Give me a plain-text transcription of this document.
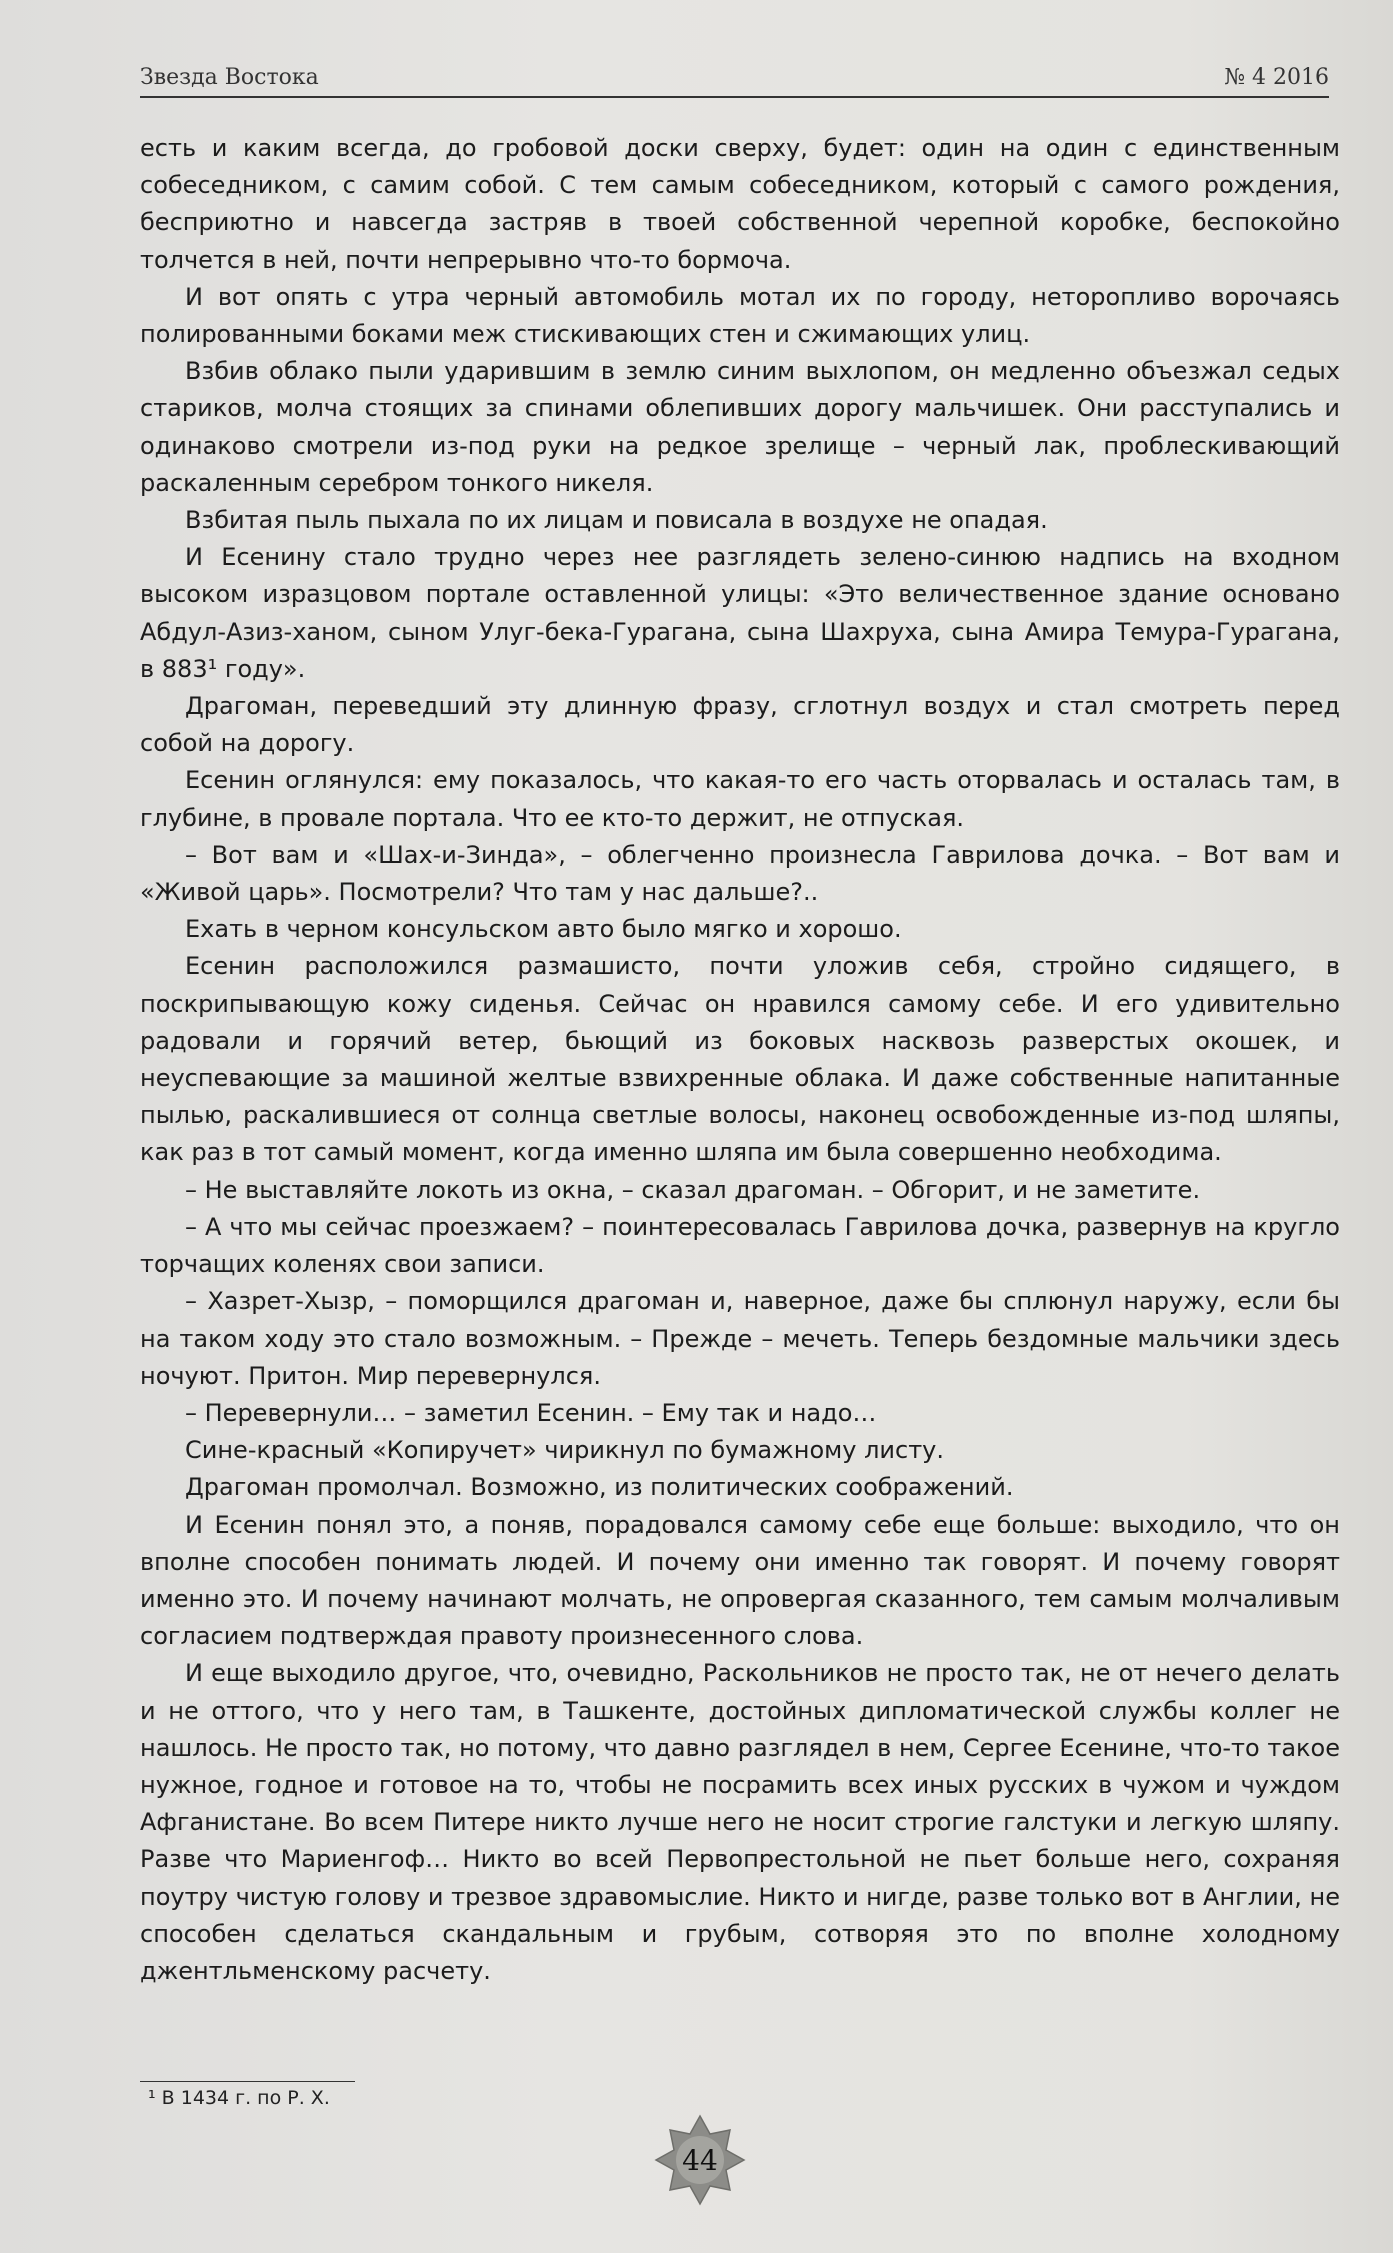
Звезда Востока	№ 4 2016

есть и каким всегда, до гробовой доски сверху, будет: один на один с единственным собеседником, с самим собой. С тем самым собеседником, который с самого рождения, бесприютно и навсегда застряв в твоей собственной черепной коробке, беспокойно толчется в ней, почти непрерывно что-то бормоча.

И вот опять с утра черный автомобиль мотал их по городу, неторопливо ворочаясь полированными боками меж стискивающих стен и сжимающих улиц.

Взбив облако пыли ударившим в землю синим выхлопом, он медленно объезжал седых стариков, молча стоящих за спинами облепивших дорогу мальчишек. Они расступались и одинаково смотрели из-под руки на редкое зрелище – черный лак, проблескивающий раскаленным серебром тонкого никеля.

Взбитая пыль пыхала по их лицам и повисала в воздухе не опадая.

И Есенину стало трудно через нее разглядеть зелено-синюю надпись на входном высоком изразцовом портале оставленной улицы: «Это величественное здание основано Абдул-Азиз-ханом, сыном Улуг-бека-Гурагана, сына Шахруха, сына Амира Темура-Гурагана, в 883¹ году».

Драгоман, переведший эту длинную фразу, сглотнул воздух и стал смотреть перед собой на дорогу.

Есенин оглянулся: ему показалось, что какая-то его часть оторвалась и осталась там, в глубине, в провале портала. Что ее кто-то держит, не отпуская.

– Вот вам и «Шах-и-Зинда», – облегченно произнесла Гаврилова дочка. – Вот вам и «Живой царь». Посмотрели? Что там у нас дальше?..

Ехать в черном консульском авто было мягко и хорошо.

Есенин расположился размашисто, почти уложив себя, стройно сидящего, в поскрипывающую кожу сиденья. Сейчас он нравился самому себе. И его удивительно радовали и горячий ветер, бьющий из боковых насквозь разверстых окошек, и неуспевающие за машиной желтые взвихренные облака. И даже собственные напитанные пылью, раскалившиеся от солнца светлые волосы, наконец освобожденные из-под шляпы, как раз в тот самый момент, когда именно шляпа им была совершенно необходима.

– Не выставляйте локоть из окна, – сказал драгоман. – Обгорит, и не заметите.

– А что мы сейчас проезжаем? – поинтересовалась Гаврилова дочка, развернув на кругло торчащих коленях свои записи.

– Хазрет-Хызр, – поморщился драгоман и, наверное, даже бы сплюнул наружу, если бы на таком ходу это стало возможным. – Прежде – мечеть. Теперь бездомные мальчики здесь ночуют. Притон. Мир перевернулся.

– Перевернули… – заметил Есенин. – Ему так и надо…

Сине-красный «Копиручет» чирикнул по бумажному листу.

Драгоман промолчал. Возможно, из политических соображений.

И Есенин понял это, а поняв, порадовался самому себе еще больше: выходило, что он вполне способен понимать людей. И почему они именно так говорят. И почему говорят именно это. И почему начинают молчать, не опровергая сказанного, тем самым молчаливым согласием подтверждая правоту произнесенного слова.

И еще выходило другое, что, очевидно, Раскольников не просто так, не от нечего делать и не оттого, что у него там, в Ташкенте, достойных дипломатической службы коллег не нашлось. Не просто так, но потому, что давно разглядел в нем, Сергее Есенине, что-то такое нужное, годное и готовое на то, чтобы не посрамить всех иных русских в чужом и чуждом Афганистане. Во всем Питере никто лучше него не носит строгие галстуки и легкую шляпу. Разве что Мариенгоф… Никто во всей Первопрестольной не пьет больше него, сохраняя поутру чистую голову и трезвое здравомыслие. Никто и нигде, разве только вот в Англии, не способен сделаться скандальным и грубым, сотворяя это по вполне холодному джентльменскому расчету.

¹ В 1434 г. по Р. Х.
44
